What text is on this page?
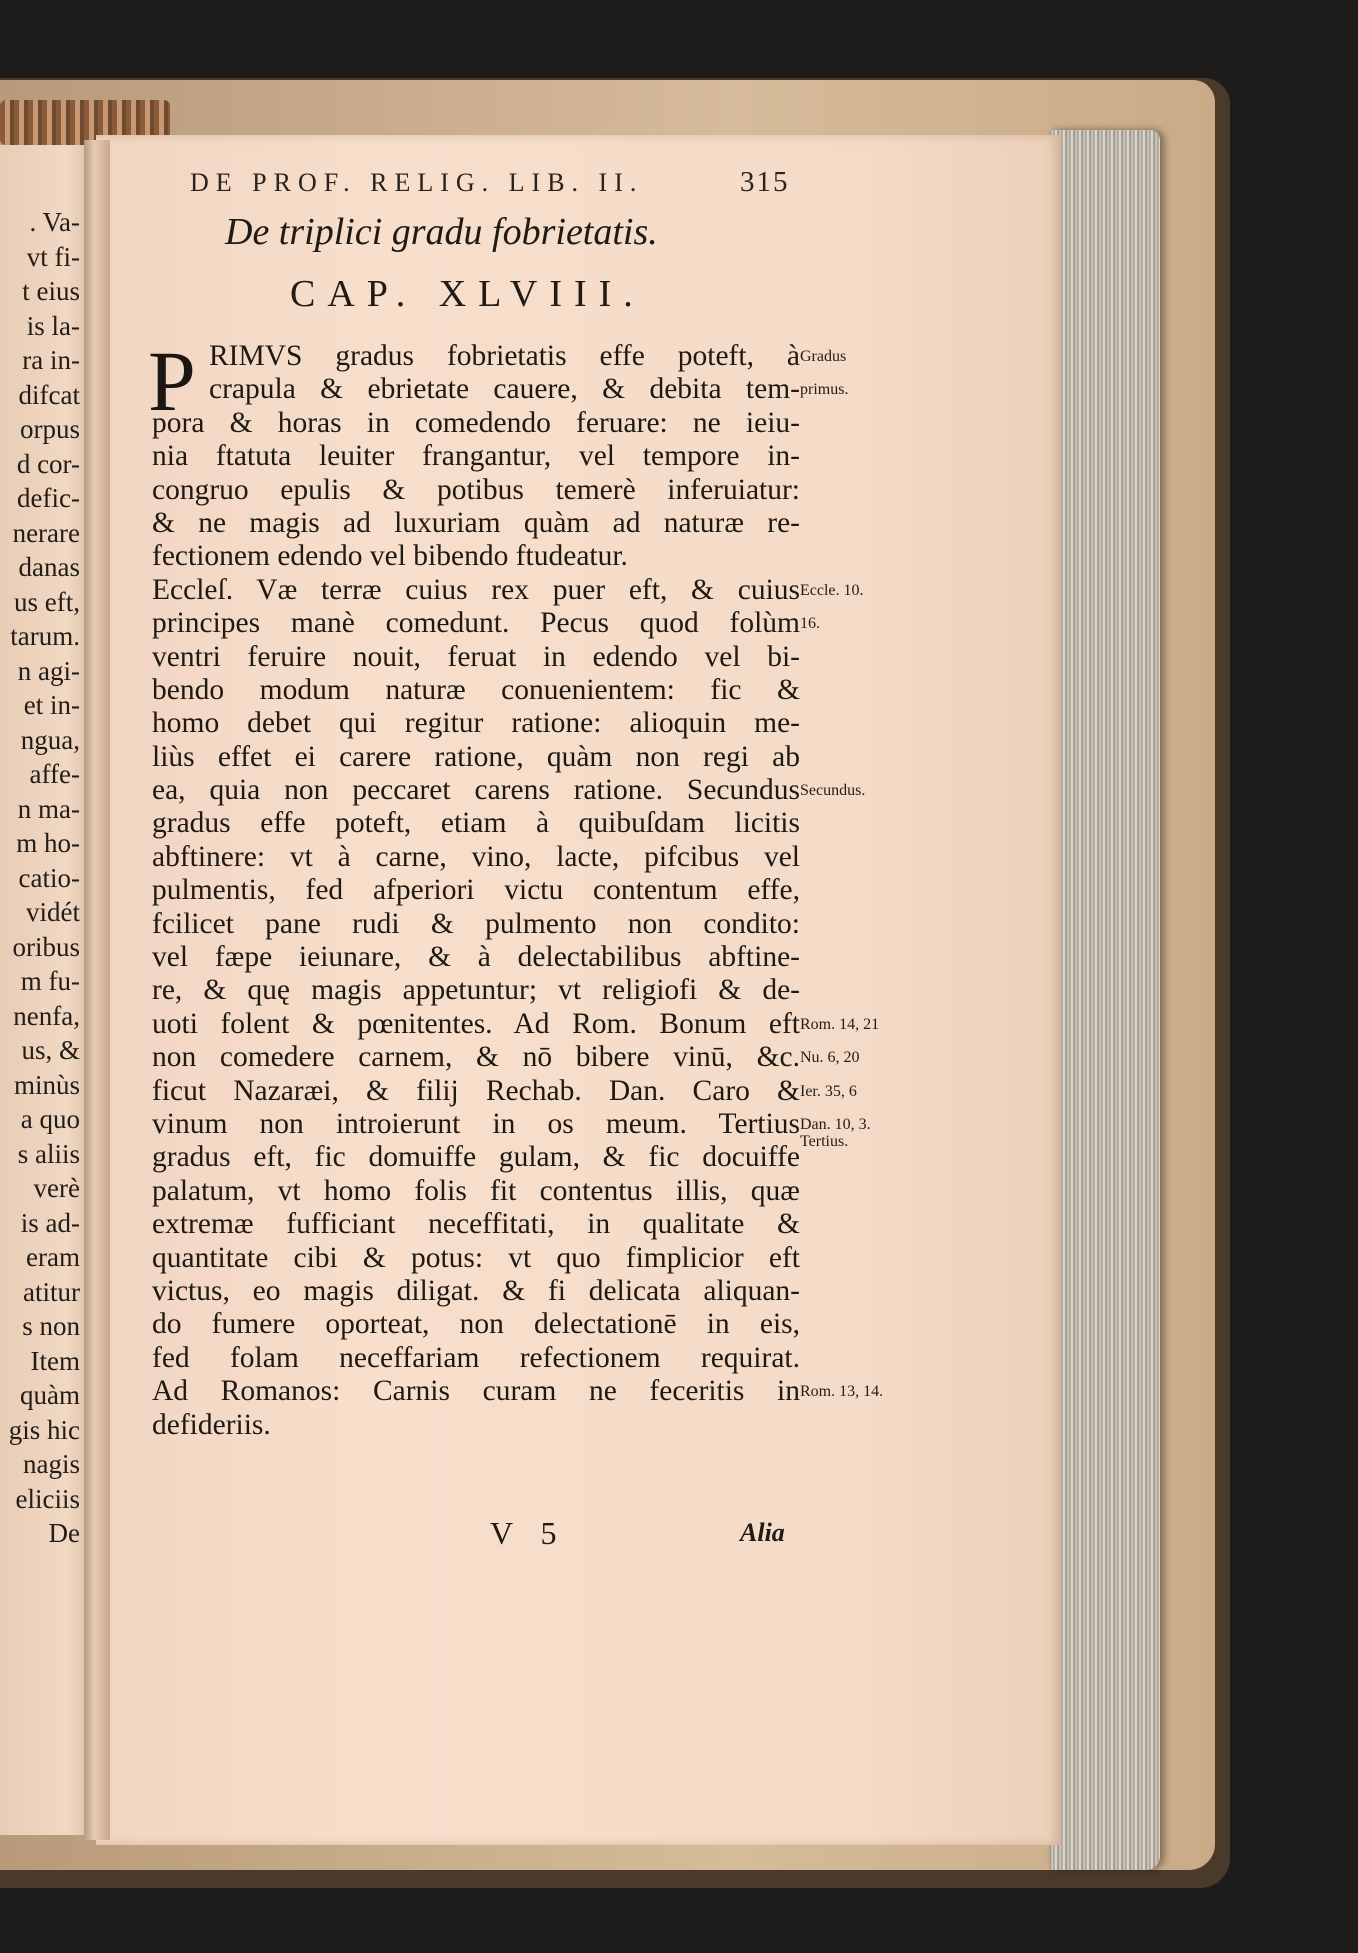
. Va-
vt fi-
t eius
is la-
ra in-
difcat
orpus
d cor-
defic-
nerare
danas
us eft,
tarum.
n agi-
et in-
ngua,
affe-
n ma-
m ho-
catio-
vidét
oribus
m fu-
nenfa,
us, &
minùs
a quo
s aliis
verè
is ad-
eram
atitur
s non
Item
quàm
gis hic
nagis
eliciis
De
DE PROF. RELIG. LIB. II.	315
De triplici gradu fobrietatis.
CAP. XLVIII.
P RIMVS gradus fobrietatis effe poteft, à
crapula & ebrietate cauere, & debita tem-
pora & horas in comedendo feruare: ne ieiu-
nia ftatuta leuiter frangantur, vel tempore in-
congruo epulis & potibus temerè inferuiatur:
& ne magis ad luxuriam quàm ad naturæ re-
fectionem edendo vel bibendo ftudeatur.
Eccleſ. Væ terræ cuius rex puer eft, & cuius
principes manè comedunt. Pecus quod folùm
ventri feruire nouit, feruat in edendo vel bi-
bendo modum naturæ conuenientem: fic &
homo debet qui regitur ratione: alioquin me-
liùs effet ei carere ratione, quàm non regi ab
ea, quia non peccaret carens ratione. Secundus
gradus effe poteft, etiam à quibuſdam licitis
abftinere: vt à carne, vino, lacte, pifcibus vel
pulmentis, fed afperiori victu contentum effe,
fcilicet pane rudi & pulmento non condito:
vel fæpe ieiunare, & à delectabilibus abftine-
re, & quę magis appetuntur; vt religiofi & de-
uoti folent & pœnitentes. Ad Rom. Bonum eft
non comedere carnem, & nō bibere vinū, &c.
ficut Nazaræi, & filij Rechab. Dan. Caro &
vinum non introierunt in os meum. Tertius
gradus eft, fic domuiffe gulam, & fic docuiffe
palatum, vt homo folis fit contentus illis, quæ
extremæ fufficiant neceffitati, in qualitate &
quantitate cibi & potus: vt quo fimplicior eft
victus, eo magis diligat. & fi delicata aliquan-
do fumere oporteat, non delectationē in eis,
fed folam neceffariam refectionem requirat.
Ad Romanos: Carnis curam ne feceritis in
defideriis.
Gradus
primus.
Eccle. 10.
16.
Secundus.
Rom. 14, 21
Nu. 6, 20
Ier. 35, 6
Dan. 10, 3.
Tertius.
Rom. 13, 14.
V 5	Alia
